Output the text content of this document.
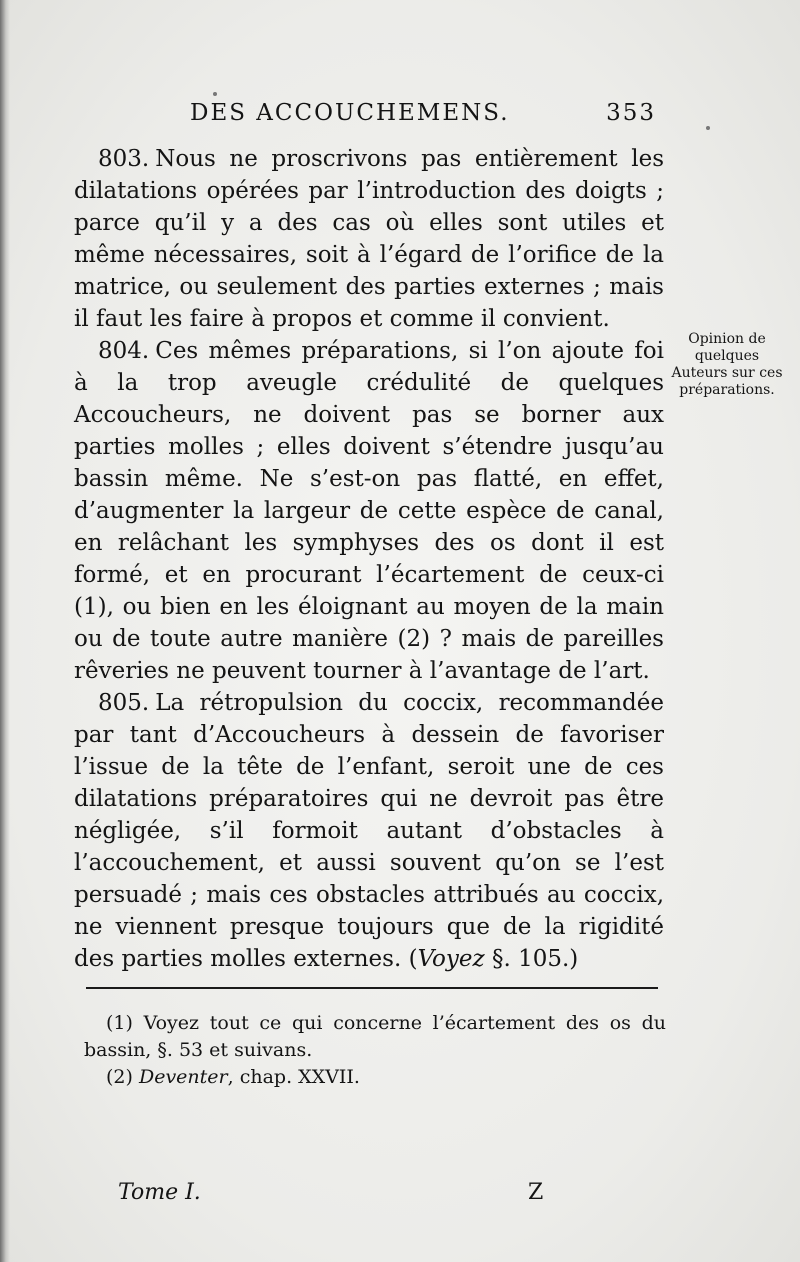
DES ACCOUCHEMENS.	353

803. Nous ne proscrivons pas entièrement les dilatations opérées par l’introduction des doigts ; parce qu’il y a des cas où elles sont utiles et même nécessaires, soit à l’égard de l’orifice de la matrice, ou seulement des parties externes ; mais il faut les faire à propos et comme il convient.

804. Ces mêmes préparations, si l’on ajoute foi à la trop aveugle crédulité de quelques Accoucheurs, ne doivent pas se borner aux parties molles ; elles doivent s’étendre jusqu’au bassin même. Ne s’est-on pas flatté, en effet, d’augmenter la largeur de cette espèce de canal, en relâchant les symphyses des os dont il est formé, et en procurant l’écartement de ceux-ci (1), ou bien en les éloignant au moyen de la main ou de toute autre manière (2) ? mais de pareilles rêveries ne peuvent tourner à l’avantage de l’art.

805. La rétropulsion du coccix, recommandée par tant d’Accoucheurs à dessein de favoriser l’issue de la tête de l’enfant, seroit une de ces dilatations préparatoires qui ne devroit pas être négligée, s’il formoit autant d’obstacles à l’accouchement, et aussi souvent qu’on se l’est persuadé ; mais ces obstacles attribués au coccix, ne viennent presque toujours que de la rigidité des parties molles externes. (Voyez §. 105.)

Opinion de quelques Auteurs sur ces préparations.

(1) Voyez tout ce qui concerne l’écartement des os du bassin, §. 53 et suivans.

(2) Deventer, chap. XXVII.

Tome I.	Z
